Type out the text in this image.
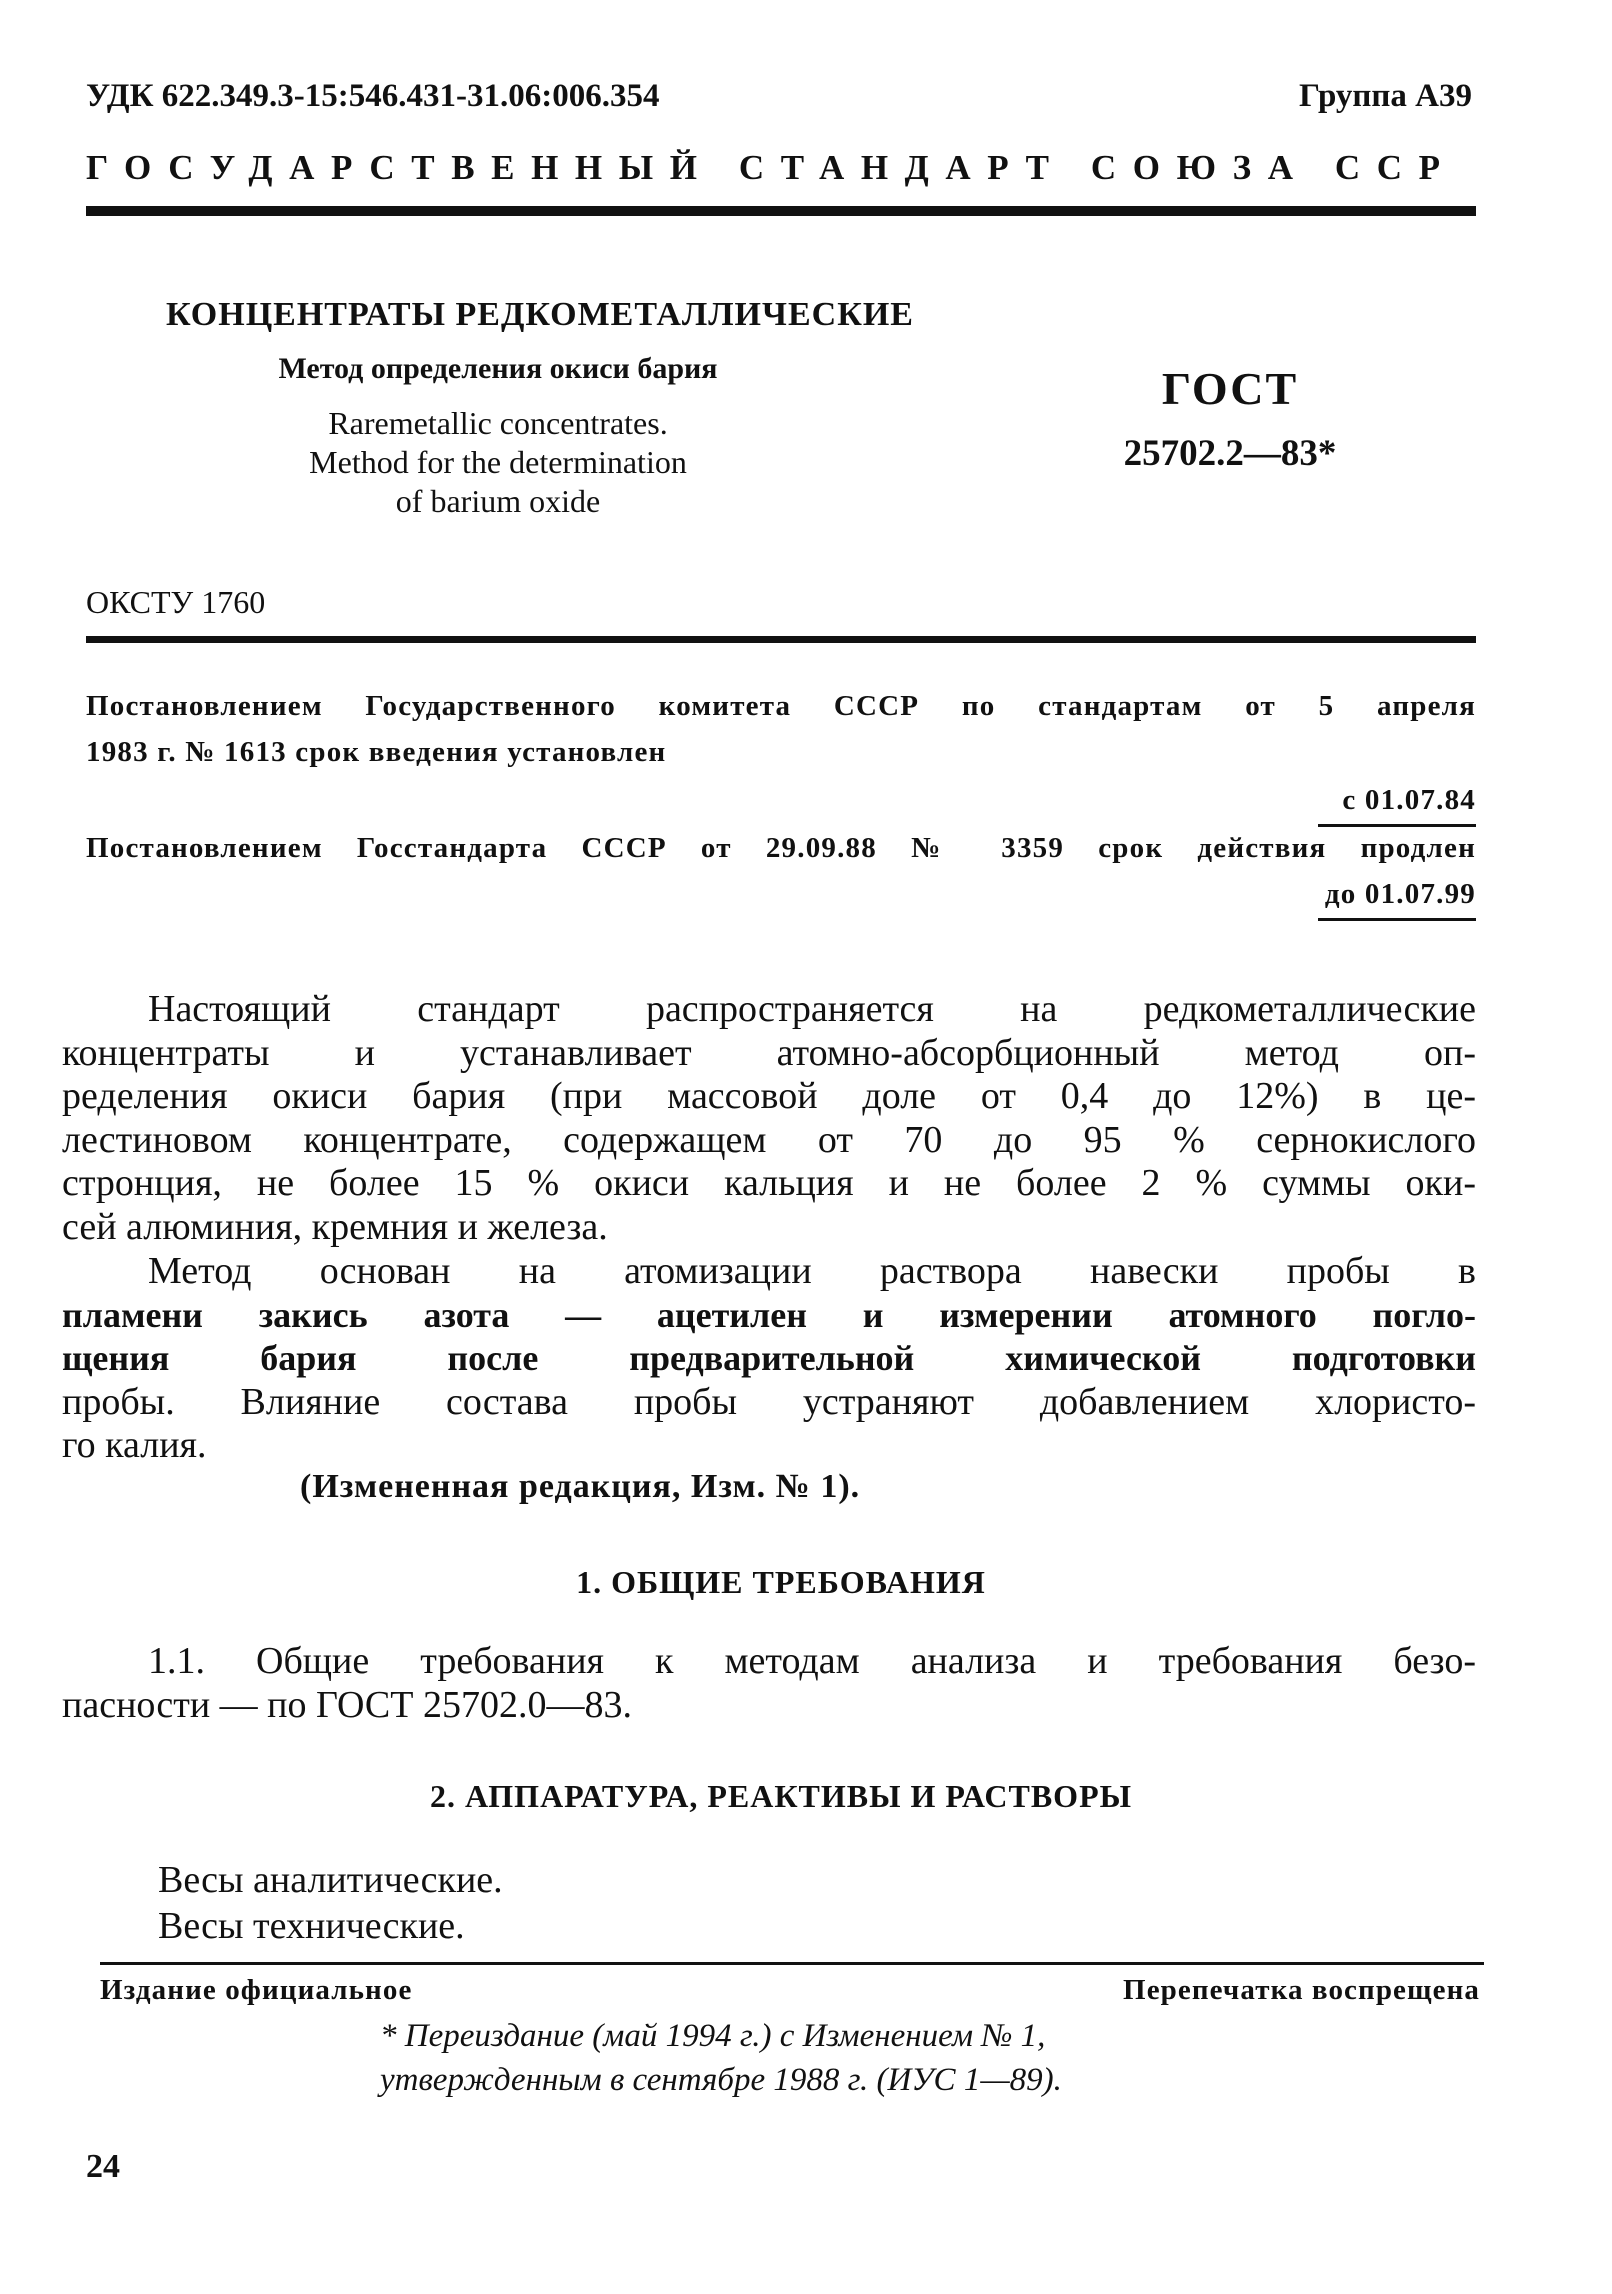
УДК 622.349.3-15:546.431-31.06:006.354	Группа А39
ГОСУДАРСТВЕННЫЙ СТАНДАРТ СОЮЗА ССР
КОНЦЕНТРАТЫ РЕДКОМЕТАЛЛИЧЕСКИЕ
Метод определения окиси бария
Raremetallic concentrates.
Method for the determination
of barium oxide
ГОСТ
25702.2—83*
ОКСТУ 1760
Постановлением Государственного комитета СССР по стандартам от 5 апреля
1983 г. № 1613 срок введения установлен
с 01.07.84
Постановлением Госстандарта СССР от 29.09.88 № 3359 срок действия продлен
до 01.07.99
Настоящий стандарт распространяется на редкометаллические
концентраты и устанавливает атомно-абсорбционный метод оп-
ределения окиси бария (при массовой доле от 0,4 до 12%) в це-
лестиновом концентрате, содержащем от 70 до 95 % сернокислого
стронция, не более 15 % окиси кальция и не более 2 % суммы оки-
сей алюминия, кремния и железа.
Метод основан на атомизации раствора навески пробы в
пламени закись азота — ацетилен и измерении атомного погло-
щения бария после предварительной химической подготовки
пробы. Влияние состава пробы устраняют добавлением хлористо-
го калия.
(Измененная редакция, Изм. № 1).
1. ОБЩИЕ ТРЕБОВАНИЯ
1.1. Общие требования к методам анализа и требования безо-
пасности — по ГОСТ 25702.0—83.
2. АППАРАТУРА, РЕАКТИВЫ И РАСТВОРЫ
Весы аналитические.
Весы технические.
Издание официальное	Перепечатка воспрещена
* Переиздание (май 1994 г.) с Изменением № 1,
утвержденным в сентябре 1988 г. (ИУС 1—89).
24
